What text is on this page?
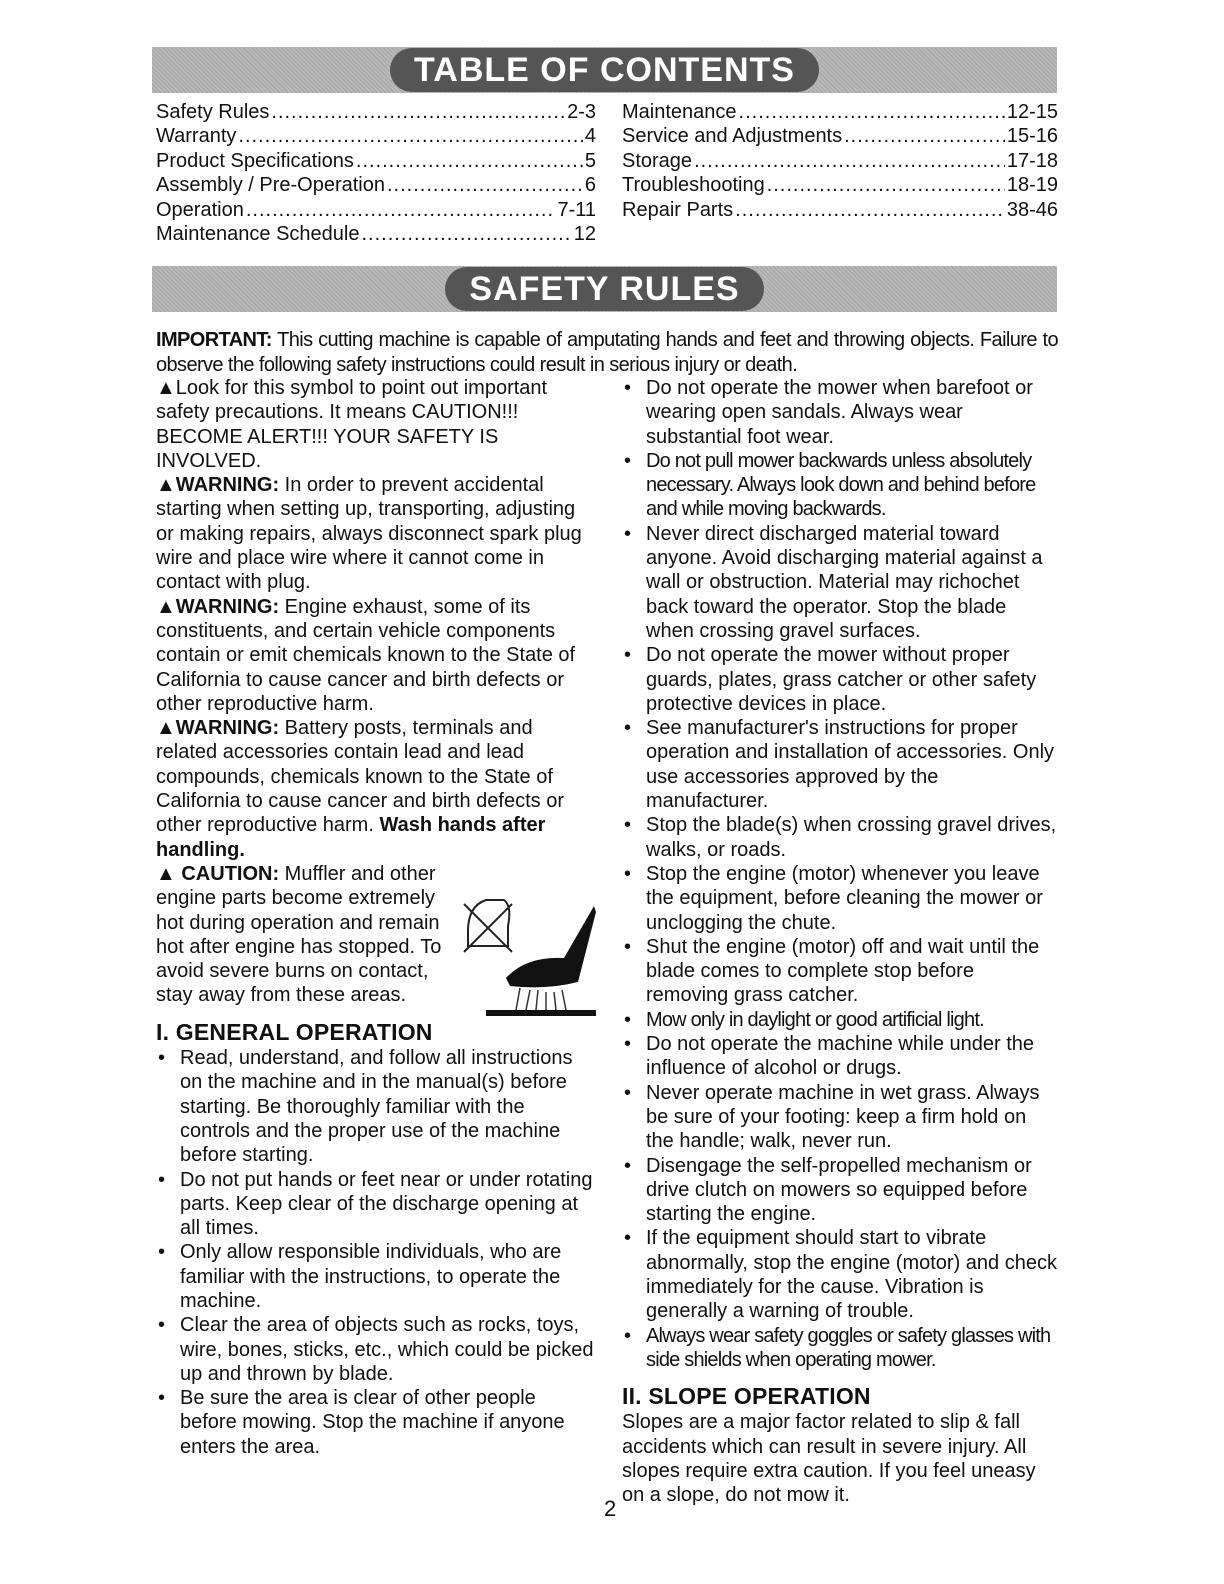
TABLE OF CONTENTS
Safety Rules .....	2-3
Warranty .....	4
Product Specifications .....	5
Assembly / Pre-Operation .....	6
Operation .....	7-11
Maintenance Schedule .....	12
Maintenance .....	12-15
Service and Adjustments .....	15-16
Storage .....	17-18
Troubleshooting .....	18-19
Repair Parts .....	38-46
SAFETY RULES
IMPORTANT: This cutting machine is capable of amputating hands and feet and throwing objects. Failure to observe the following safety instructions could result in serious injury or death.

▲Look for this symbol to point out important safety precautions. It means CAUTION!!! BECOME ALERT!!! YOUR SAFETY IS INVOLVED.

▲WARNING: In order to prevent accidental starting when setting up, transporting, adjusting or making repairs, always disconnect spark plug wire and place wire where it cannot come in contact with plug.

▲WARNING: Engine exhaust, some of its constituents, and certain vehicle components contain or emit chemicals known to the State of California to cause cancer and birth defects or other reproductive harm.

▲WARNING: Battery posts, terminals and related accessories contain lead and lead compounds, chemicals known to the State of California to cause cancer and birth defects or other reproductive harm. Wash hands after handling.

▲ CAUTION: Muffler and other engine parts become extremely hot during operation and remain hot after engine has stopped. To avoid severe burns on contact, stay away from these areas.

I. GENERAL OPERATION
• Read, understand, and follow all instructions on the machine and in the manual(s) before starting. Be thoroughly familiar with the controls and the proper use of the machine before starting.
• Do not put hands or feet near or under rotating parts. Keep clear of the discharge opening at all times.
• Only allow responsible individuals, who are familiar with the instructions, to operate the machine.
• Clear the area of objects such as rocks, toys, wire, bones, sticks, etc., which could be picked up and thrown by blade.
• Be sure the area is clear of other people before mowing. Stop the machine if anyone enters the area.
• Do not operate the mower when barefoot or wearing open sandals. Always wear substantial foot wear.
• Do not pull mower backwards unless absolutely necessary. Always look down and behind before and while moving backwards.
• Never direct discharged material toward anyone. Avoid discharging material against a wall or obstruction. Material may richochet back toward the operator. Stop the blade when crossing gravel surfaces.
• Do not operate the mower without proper guards, plates, grass catcher or other safety protective devices in place.
• See manufacturer's instructions for proper operation and installation of accessories. Only use accessories approved by the manufacturer.
• Stop the blade(s) when crossing gravel drives, walks, or roads.
• Stop the engine (motor) whenever you leave the equipment, before cleaning the mower or unclogging the chute.
• Shut the engine (motor) off and wait until the blade comes to complete stop before removing grass catcher.
• Mow only in daylight or good artificial light.
• Do not operate the machine while under the influence of alcohol or drugs.
• Never operate machine in wet grass. Always be sure of your footing: keep a firm hold on the handle; walk, never run.
• Disengage the self-propelled mechanism or drive clutch on mowers so equipped before starting the engine.
• If the equipment should start to vibrate abnormally, stop the engine (motor) and check immediately for the cause. Vibration is generally a warning of trouble.
• Always wear safety goggles or safety glasses with side shields when operating mower.
II. SLOPE OPERATION

Slopes are a major factor related to slip & fall accidents which can result in severe injury. All slopes require extra caution. If you feel uneasy on a slope, do not mow it.

2
